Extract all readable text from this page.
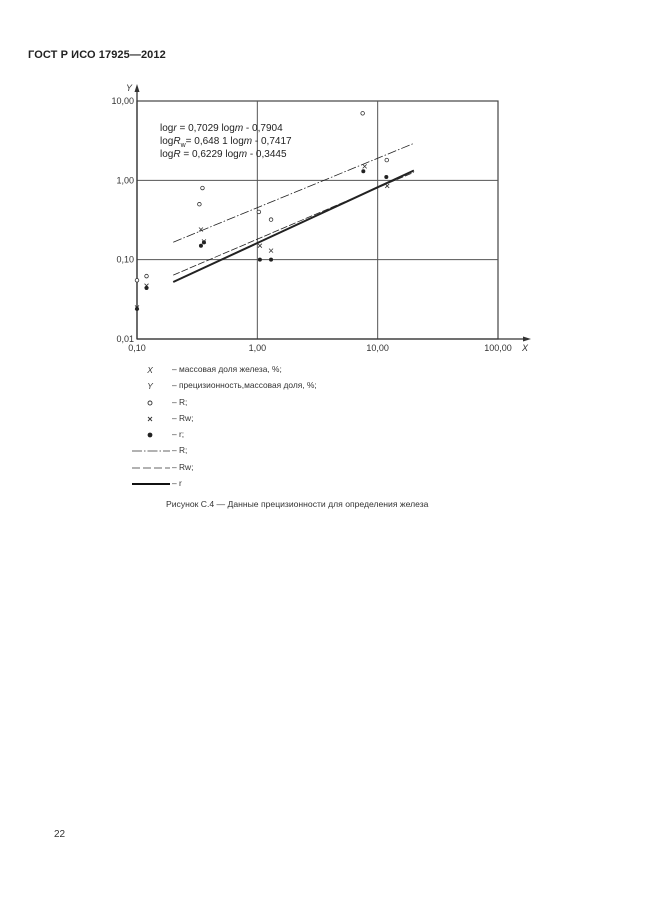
ГОСТ Р ИСО 17925—2012
0,10	1,00	10,00	100,00
0,01
0,10
1,00
10,00
X
Y
logr = 0,7029 logm - 0,7904
logR$_w$= 0,648 1 logm - 0,7417
logR = 0,6229 logm - 0,3445
X – массовая доля железа, %;
Y – прецизионность,массовая доля, %;
– R;
– Rw;
– r;
– R;
– Rw;
– r
Рисунок С.4 — Данные прецизионности для определения железа
22
